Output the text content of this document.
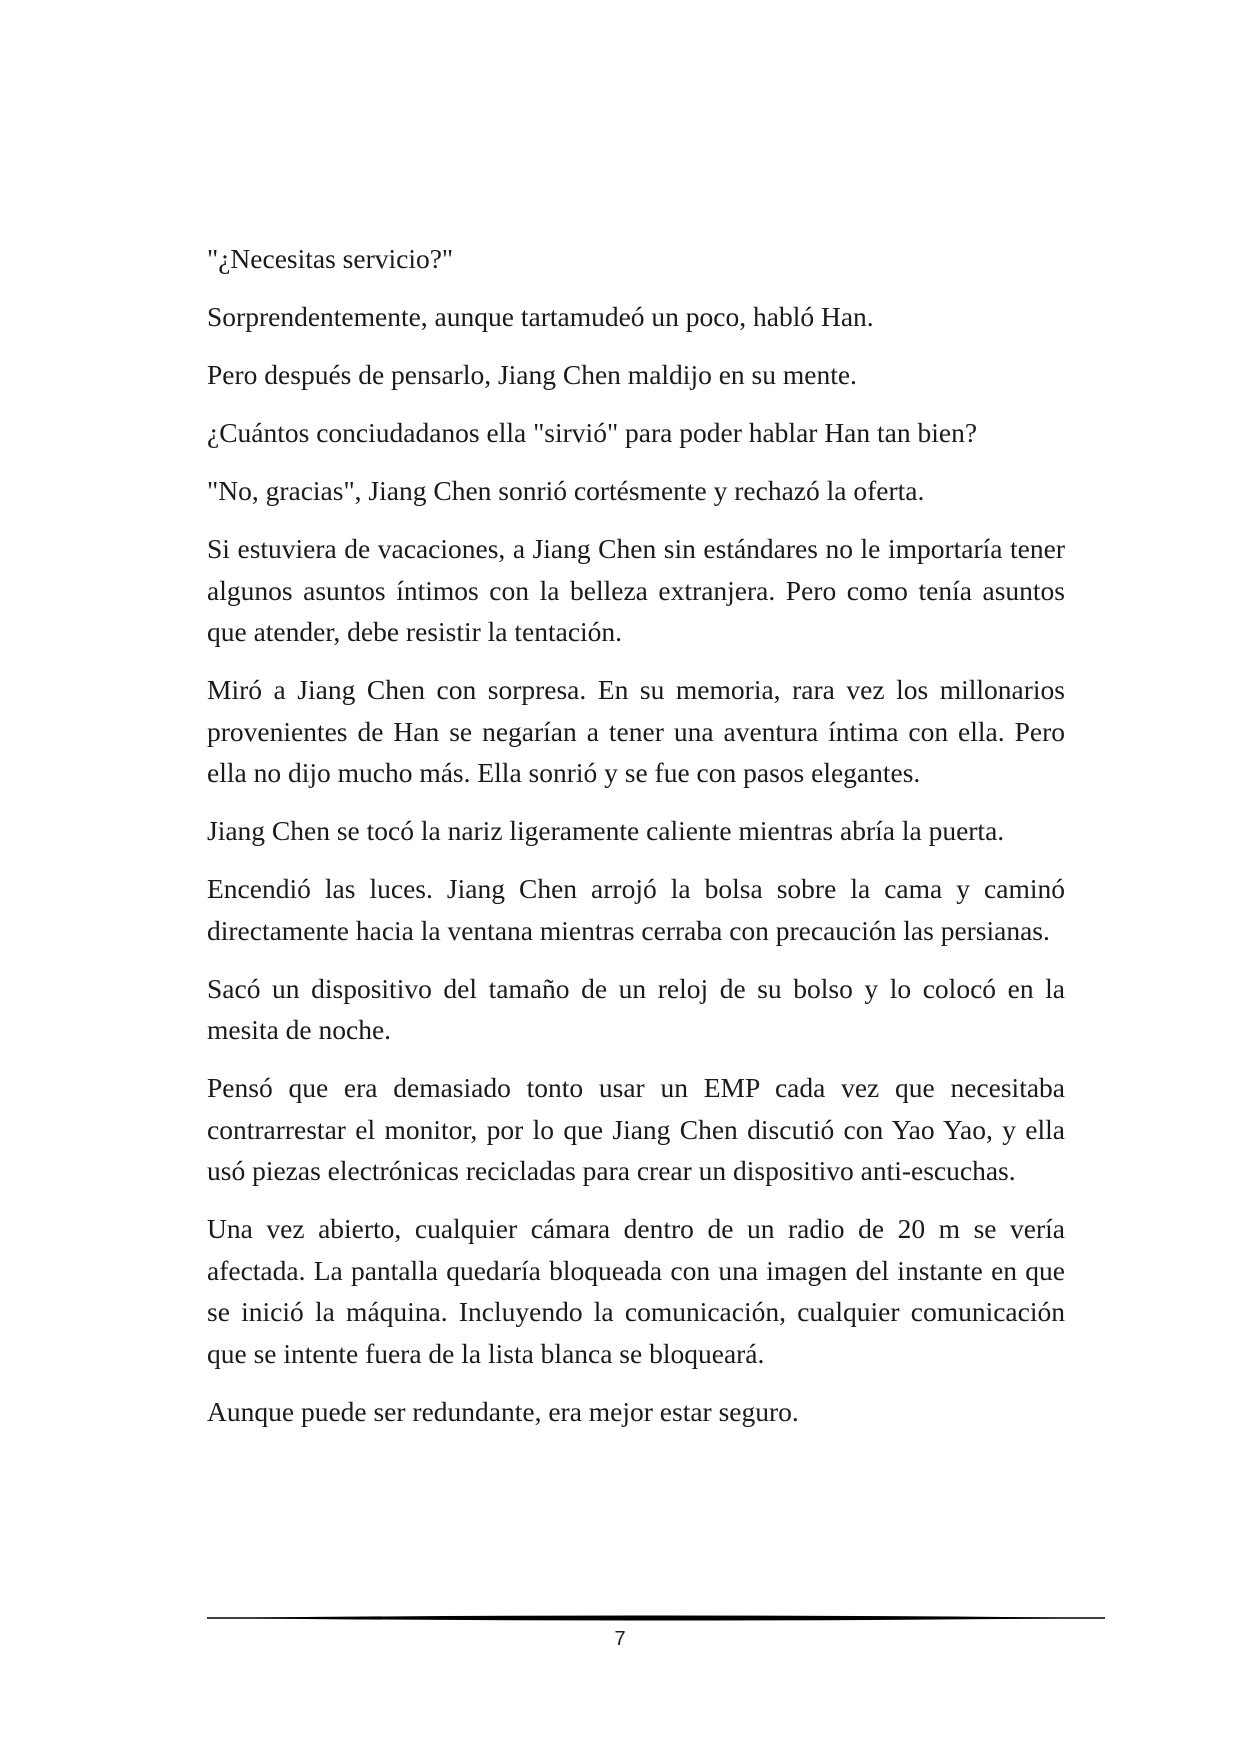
"¿Necesitas servicio?"

Sorprendentemente, aunque tartamudeó un poco, habló Han.

Pero después de pensarlo, Jiang Chen maldijo en su mente.

¿Cuántos conciudadanos ella "sirvió" para poder hablar Han tan bien?

"No, gracias", Jiang Chen sonrió cortésmente y rechazó la oferta.

Si estuviera de vacaciones, a Jiang Chen sin estándares no le importaría tener algunos asuntos íntimos con la belleza extranjera. Pero como tenía asuntos que atender, debe resistir la tentación.

Miró a Jiang Chen con sorpresa. En su memoria, rara vez los millonarios provenientes de Han se negarían a tener una aventura íntima con ella. Pero ella no dijo mucho más. Ella sonrió y se fue con pasos elegantes.

Jiang Chen se tocó la nariz ligeramente caliente mientras abría la puerta.

Encendió las luces. Jiang Chen arrojó la bolsa sobre la cama y caminó directamente hacia la ventana mientras cerraba con precaución las persianas.

Sacó un dispositivo del tamaño de un reloj de su bolso y lo colocó en la mesita de noche.

Pensó que era demasiado tonto usar un EMP cada vez que necesitaba contrarrestar el monitor, por lo que Jiang Chen discutió con Yao Yao, y ella usó piezas electrónicas recicladas para crear un dispositivo anti-escuchas.

Una vez abierto, cualquier cámara dentro de un radio de 20 m se vería afectada. La pantalla quedaría bloqueada con una imagen del instante en que se inició la máquina. Incluyendo la comunicación, cualquier comunicación que se intente fuera de la lista blanca se bloqueará.

Aunque puede ser redundante, era mejor estar seguro.

7
